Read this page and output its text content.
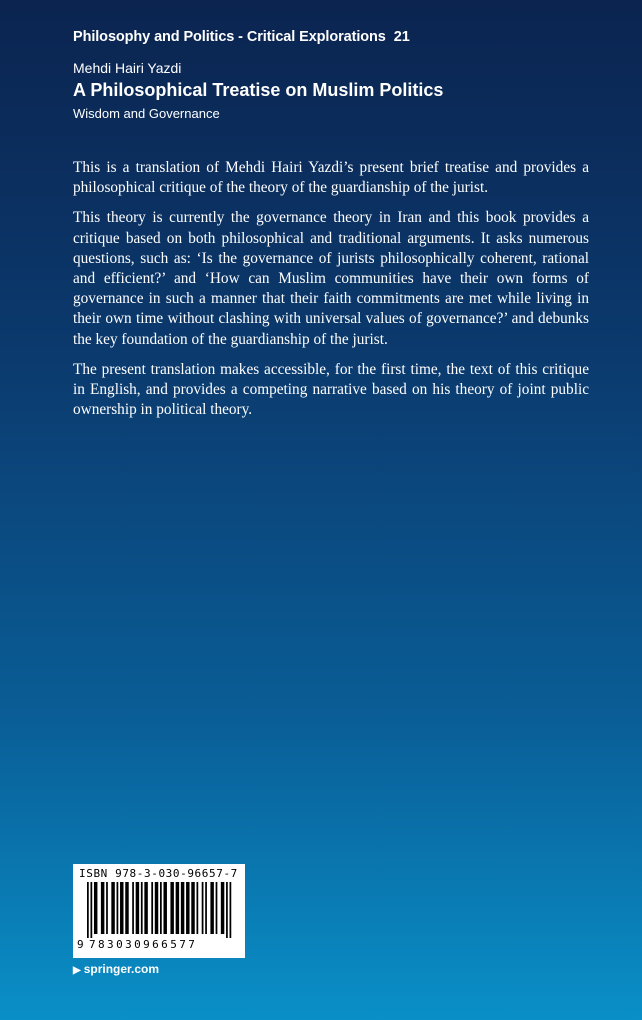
Philosophy and Politics - Critical Explorations 21
Mehdi Hairi Yazdi
A Philosophical Treatise on Muslim Politics
Wisdom and Governance

This is a translation of Mehdi Hairi Yazdi’s present brief treatise and provides a philosophical critique of the theory of the guardianship of the jurist.

This theory is currently the governance theory in Iran and this book provides a critique based on both philosophical and traditional arguments. It asks numerous questions, such as: ‘Is the governance of jurists philosophically coherent, rational and efficient?’ and ‘How can Muslim communities have their own forms of governance in such a manner that their faith commitments are met while living in their own time without clashing with universal values of governance?’ and debunks the key foundation of the guardianship of the jurist.

The present translation makes accessible, for the first time, the text of this critique in English, and provides a competing narrative based on his theory of joint public ownership in political theory.

ISBN 978-3-030-96657-7
9 783030966577
▶ springer.com
